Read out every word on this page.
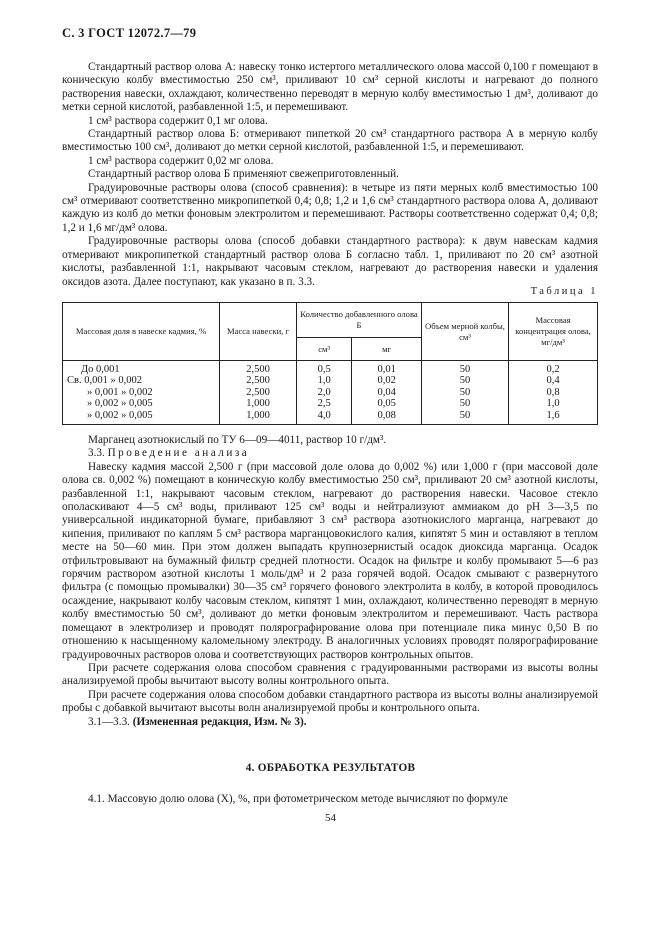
С. 3 ГОСТ 12072.7—79

Стандартный раствор олова А: навеску тонко истертого металлического олова массой 0,100 г помещают в коническую колбу вместимостью 250 см³, приливают 10 см³ серной кислоты и нагревают до полного растворения навески, охлаждают, количественно переводят в мерную колбу вместимостью 1 дм³, доливают до метки серной кислотой, разбавленной 1:5, и перемешивают.

1 см³ раствора содержит 0,1 мг олова.

Стандартный раствор олова Б: отмеривают пипеткой 20 см³ стандартного раствора А в мерную колбу вместимостью 100 см³, доливают до метки серной кислотой, разбавленной 1:5, и перемешивают.

1 см³ раствора содержит 0,02 мг олова.

Стандартный раствор олова Б применяют свежеприготовленный.

Градуировочные растворы олова (способ сравнения): в четыре из пяти мерных колб вместимостью 100 см³ отмеривают соответственно микропипеткой 0,4; 0,8; 1,2 и 1,6 см³ стандартного раствора олова А, доливают каждую из колб до метки фоновым электролитом и перемешивают. Растворы соответственно содержат 0,4; 0,8; 1,2 и 1,6 мг/дм³ олова.

Градуировочные растворы олова (способ добавки стандартного раствора): к двум навескам кадмия отмеривают микропипеткой стандартный раствор олова Б согласно табл. 1, приливают по 20 см³ азотной кислоты, разбавленной 1:1, накрывают часовым стеклом, нагревают до растворения навески и удаления оксидов азота. Далее поступают, как указано в п. 3.3.

Таблица 1
Массовая доля в навеске кадмия, %	Масса навески, г	Количество добавленного олова Б		Объем мерной колбы, см³	Массовая концентрация олова, мг/дм³
		см³	мг		
До 0,001	2,500	0,5	0,01	50	0,2
Св. 0,001 » 0,002	2,500	1,0	0,02	50	0,4
» 0,001 » 0,002	2,500	2,0	0,04	50	0,8
» 0,002 » 0,005	1,000	2,5	0,05	50	1,0
» 0,002 » 0,005	1,000	4,0	0,08	50	1,6

Марганец азотнокислый по ТУ 6—09—4011, раствор 10 г/дм³.

3.3. Проведение анализа

Навеску кадмия массой 2,500 г (при массовой доле олова до 0,002 %) или 1,000 г (при массовой доле олова св. 0,002 %) помещают в коническую колбу вместимостью 250 см³, приливают 20 см³ азотной кислоты, разбавленной 1:1, накрывают часовым стеклом, нагревают до растворения навески. Часовое стекло ополаскивают 4—5 см³ воды, приливают 125 см³ воды и нейтрализуют аммиаком до pH 3—3,5 по универсальной индикаторной бумаге, прибавляют 3 см³ раствора азотнокислого марганца, нагревают до кипения, приливают по каплям 5 см³ раствора марганцовокислого калия, кипятят 5 мин и оставляют в теплом месте на 50—60 мин. При этом должен выпадать крупнозернистый осадок диоксида марганца. Осадок отфильтровывают на бумажный фильтр средней плотности. Осадок на фильтре и колбу промывают 5—6 раз горячим раствором азотной кислоты 1 моль/дм³ и 2 раза горячей водой. Осадок смывают с развернутого фильтра (с помощью промывалки) 30—35 см³ горячего фонового электролита в колбу, в которой проводилось осаждение, накрывают колбу часовым стеклом, кипятят 1 мин, охлаждают, количественно переводят в мерную колбу вместимостью 50 см³, доливают до метки фоновым электролитом и перемешивают. Часть раствора помещают в электролизер и проводят полярографирование олова при потенциале пика минус 0,50 В по отношению к насыщенному каломельному электроду. В аналогичных условиях проводят полярографирование градуировочных растворов олова и соответствующих растворов контрольных опытов.

При расчете содержания олова способом сравнения с градуированными растворами из высоты волны анализируемой пробы вычитают высоту волны контрольного опыта.

При расчете содержания олова способом добавки стандартного раствора из высоты волны анализируемой пробы с добавкой вычитают высоты волн анализируемой пробы и контрольного опыта.

3.1—3.3. (Измененная редакция, Изм. № 3).

4. ОБРАБОТКА РЕЗУЛЬТАТОВ

4.1. Массовую долю олова (X), %, при фотометрическом методе вычисляют по формуле

54
